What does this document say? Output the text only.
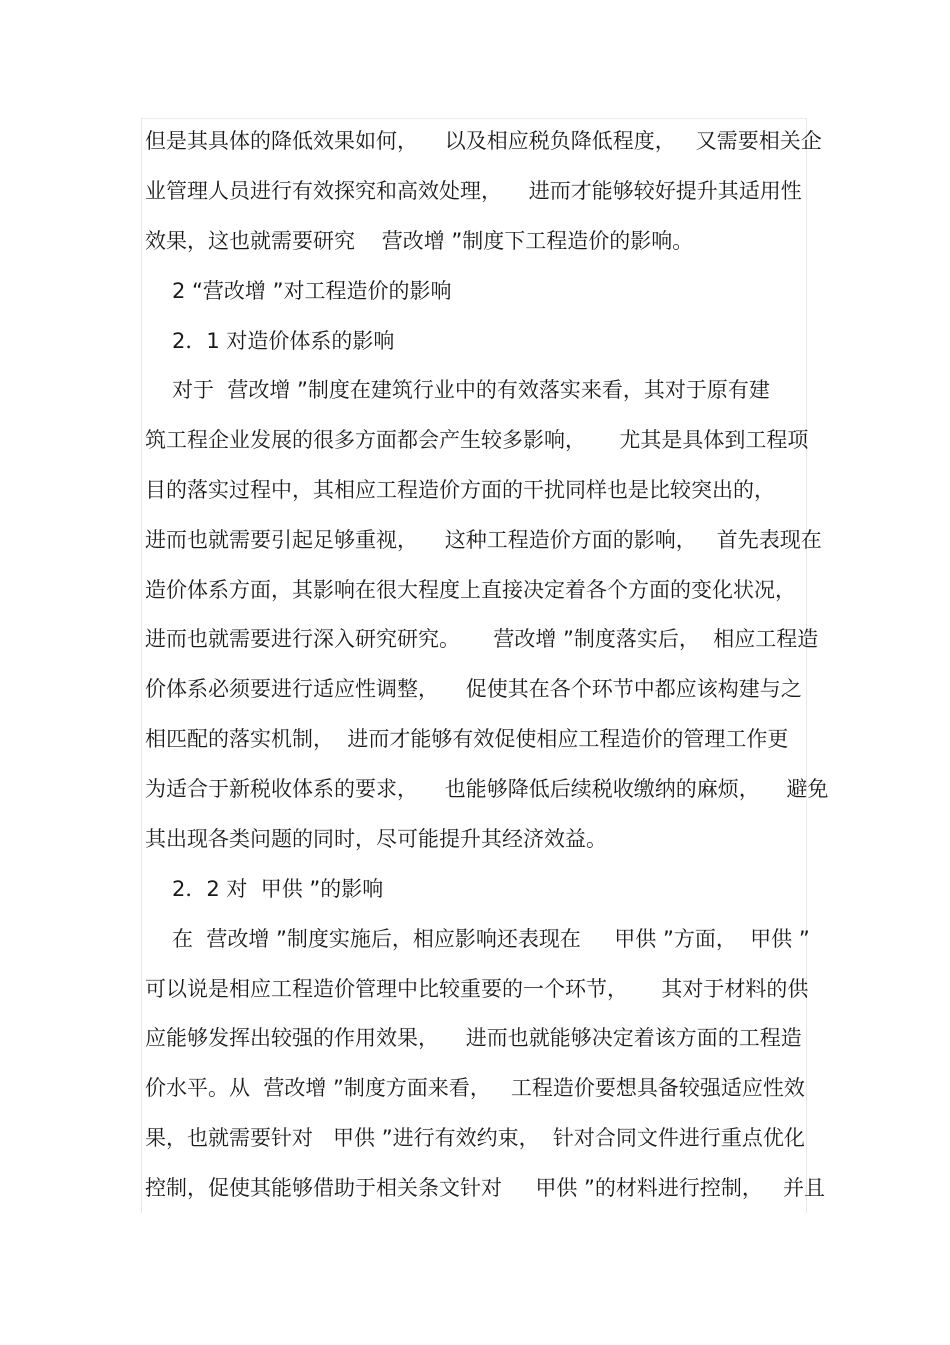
但是其具体的降低效果如何，    以及相应税负降低程度，   又需要相关企
业管理人员进行有效探究和高效处理，    进而才能够较好提升其适用性
效果，这也就需要研究    营改增 ”制度下工程造价的影响。
2 “营改增 ”对工程造价的影响
2．1 对造价体系的影响
对于  营改增 ”制度在建筑行业中的有效落实来看，其对于原有建
筑工程企业发展的很多方面都会产生较多影响，     尤其是具体到工程项
目的落实过程中，其相应工程造价方面的干扰同样也是比较突出的，
进而也就需要引起足够重视，    这种工程造价方面的影响，   首先表现在
造价体系方面，其影响在很大程度上直接决定着各个方面的变化状况，
进而也就需要进行深入研究研究。     营改增 ”制度落实后，  相应工程造
价体系必须要进行适应性调整，    促使其在各个环节中都应该构建与之
相匹配的落实机制，  进而才能够有效促使相应工程造价的管理工作更
为适合于新税收体系的要求，    也能够降低后续税收缴纳的麻烦，    避免
其出现各类问题的同时，尽可能提升其经济效益。
2．2 对  甲供 ”的影响
在  营改增 ”制度实施后，相应影响还表现在     甲供 ”方面，  甲供 ”
可以说是相应工程造价管理中比较重要的一个环节，     其对于材料的供
应能够发挥出较强的作用效果，    进而也就能够决定着该方面的工程造
价水平。从  营改增 ”制度方面来看，   工程造价要想具备较强适应性效
果，也就需要针对   甲供 ”进行有效约束，  针对合同文件进行重点优化
控制，促使其能够借助于相关条文针对     甲供 ”的材料进行控制，   并且
